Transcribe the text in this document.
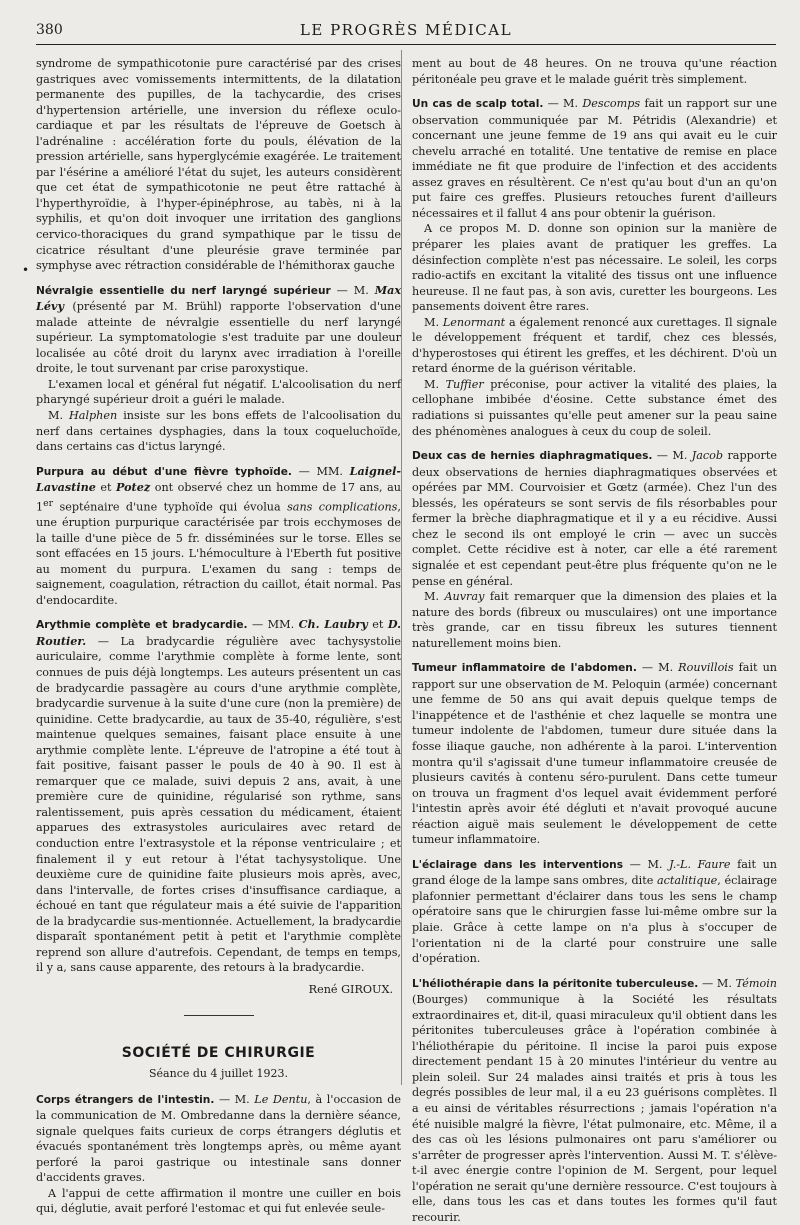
380	LE PROGRÈS MÉDICAL
•

syndrome de sympathicotonie pure caractérisé par des crises gastriques avec vomissements intermittents, de la dilatation permanente des pupilles, de la tachycardie, des crises d'hypertension artérielle, une inversion du réflexe oculo-cardiaque et par les résultats de l'épreuve de Goetsch à l'adrénaline : accélération forte du pouls, élévation de la pression artérielle, sans hyperglycémie exagérée. Le traitement par l'ésérine a amélioré l'état du sujet, les auteurs considèrent que cet état de sympathicotonie ne peut être rattaché à l'hyperthyroïdie, à l'hyper-épinéphrose, au tabès, ni à la syphilis, et qu'on doit invoquer une irritation des ganglions cervico-thoraciques du grand sympathique par le tissu de cicatrice résultant d'une pleurésie grave terminée par symphyse avec rétraction considérable de l'hémithorax gauche

Névralgie essentielle du nerf laryngé supérieur — M. Max Lévy (présenté par M. Brühl) rapporte l'observation d'une malade atteinte de névralgie essentielle du nerf laryngé supérieur. La symptomatologie s'est traduite par une douleur localisée au côté droit du larynx avec irradiation à l'oreille droite, le tout survenant par crise paroxystique.

L'examen local et général fut négatif. L'alcoolisation du nerf pharyngé supérieur droit a guéri le malade.

M. Halphen insiste sur les bons effets de l'alcoolisation du nerf dans certaines dysphagies, dans la toux coqueluchoïde, dans certains cas d'ictus laryngé.

Purpura au début d'une fièvre typhoïde. — MM. Laignel-Lavastine et Potez ont observé chez un homme de 17 ans, au 1er septénaire d'une typhoïde qui évolua sans complications, une éruption purpurique caractérisée par trois ecchymoses de la taille d'une pièce de 5 fr. disséminées sur le torse. Elles se sont effacées en 15 jours. L'hémoculture à l'Eberth fut positive au moment du purpura. L'examen du sang : temps de saignement, coagulation, rétraction du caillot, était normal. Pas d'endocardite.

Arythmie complète et bradycardie. — MM. Ch. Laubry et D. Routier. — La bradycardie régulière avec tachysystolie auriculaire, comme l'arythmie complète à forme lente, sont connues de puis déjà longtemps. Les auteurs présentent un cas de bradycardie passagère au cours d'une arythmie complète, bradycardie survenue à la suite d'une cure (non la première) de quinidine. Cette bradycardie, au taux de 35-40, régulière, s'est maintenue quelques semaines, faisant place ensuite à une arythmie complète lente. L'épreuve de l'atropine a été tout à fait positive, faisant passer le pouls de 40 à 90. Il est à remarquer que ce malade, suivi depuis 2 ans, avait, à une première cure de quinidine, régularisé son rythme, sans ralentissement, puis après cessation du médicament, étaient apparues des extrasystoles auriculaires avec retard de conduction entre l'extrasystole et la réponse ventriculaire ; et finalement il y eut retour à l'état tachysystolique. Une deuxième cure de quinidine faite plusieurs mois après, avec, dans l'intervalle, de fortes crises d'insuffisance cardiaque, a échoué en tant que régulateur mais a été suivie de l'apparition de la bradycardie sus-mentionnée. Actuellement, la bradycardie disparaît spontanément petit à petit et l'arythmie complète reprend son allure d'autrefois. Cependant, de temps en temps, il y a, sans cause apparente, des retours à la bradycardie.

René GIROUX.

SOCIÉTÉ DE CHIRURGIE
Séance du 4 juillet 1923.

Corps étrangers de l'intestin. — M. Le Dentu, à l'occasion de la communication de M. Ombredanne dans la dernière séance, signale quelques faits curieux de corps étrangers déglutis et évacués spontanément très longtemps après, ou même ayant perforé la paroi gastrique ou intestinale sans donner d'accidents graves.

A l'appui de cette affirmation il montre une cuiller en bois qui, déglutie, avait perforé l'estomac et qui fut enlevée seule-

ment au bout de 48 heures. On ne trouva qu'une réaction péritonéale peu grave et le malade guérit très simplement.

Un cas de scalp total. — M. Descomps fait un rapport sur une observation communiquée par M. Pétridis (Alexandrie) et concernant une jeune femme de 19 ans qui avait eu le cuir chevelu arraché en totalité. Une tentative de remise en place immédiate ne fit que produire de l'infection et des accidents assez graves en résultèrent. Ce n'est qu'au bout d'un an qu'on put faire ces greffes. Plusieurs retouches furent d'ailleurs nécessaires et il fallut 4 ans pour obtenir la guérison.

A ce propos M. D. donne son opinion sur la manière de préparer les plaies avant de pratiquer les greffes. La désinfection complète n'est pas nécessaire. Le soleil, les corps radio-actifs en excitant la vitalité des tissus ont une influence heureuse. Il ne faut pas, à son avis, curetter les bourgeons. Les pansements doivent être rares.

M. Lenormant a également renoncé aux curettages. Il signale le développement fréquent et tardif, chez ces blessés, d'hyperostoses qui étirent les greffes, et les déchirent. D'où un retard énorme de la guérison véritable.

M. Tuffier préconise, pour activer la vitalité des plaies, la cellophane imbibée d'éosine. Cette substance émet des radiations si puissantes qu'elle peut amener sur la peau saine des phénomènes analogues à ceux du coup de soleil.

Deux cas de hernies diaphragmatiques. — M. Jacob rapporte deux observations de hernies diaphragmatiques observées et opérées par MM. Courvoisier et Gœtz (armée). Chez l'un des blessés, les opérateurs se sont servis de fils résorbables pour fermer la brèche diaphragmatique et il y a eu récidive. Aussi chez le second ils ont employé le crin — avec un succès complet. Cette récidive est à noter, car elle a été rarement signalée et est cependant peut-être plus fréquente qu'on ne le pense en général.

M. Auvray fait remarquer que la dimension des plaies et la nature des bords (fibreux ou musculaires) ont une importance très grande, car en tissu fibreux les sutures tiennent naturellement moins bien.

Tumeur inflammatoire de l'abdomen. — M. Rouvillois fait un rapport sur une observation de M. Peloquin (armée) concernant une femme de 50 ans qui avait depuis quelque temps de l'inappétence et de l'asthénie et chez laquelle se montra une tumeur indolente de l'abdomen, tumeur dure située dans la fosse iliaque gauche, non adhérente à la paroi. L'intervention montra qu'il s'agissait d'une tumeur inflammatoire creusée de plusieurs cavités à contenu séro-purulent. Dans cette tumeur on trouva un fragment d'os lequel avait évidemment perforé l'intestin après avoir été dégluti et n'avait provoqué aucune réaction aiguë mais seulement le développement de cette tumeur inflammatoire.

L'éclairage dans les interventions — M. J.-L. Faure fait un grand éloge de la lampe sans ombres, dite actalitique, éclairage plafonnier permettant d'éclairer dans tous les sens le champ opératoire sans que le chirurgien fasse lui-même ombre sur la plaie. Grâce à cette lampe on n'a plus à s'occuper de l'orientation ni de la clarté pour construire une salle d'opération.

L'héliothérapie dans la péritonite tuberculeuse. — M. Témoin (Bourges) communique à la Société les résultats extraordinaires et, dit-il, quasi miraculeux qu'il obtient dans les péritonites tuberculeuses grâce à l'opération combinée à l'héliothérapie du péritoine. Il incise la paroi puis expose directement pendant 15 à 20 minutes l'intérieur du ventre au plein soleil. Sur 24 malades ainsi traités et pris à tous les degrés possibles de leur mal, il a eu 23 guérisons complètes. Il a eu ainsi de véritables résurrections ; jamais l'opération n'a été nuisible malgré la fièvre, l'état pulmonaire, etc. Même, il a des cas où les lésions pulmonaires ont paru s'améliorer ou s'arrêter de progresser après l'intervention. Aussi M. T. s'élève-t-il avec énergie contre l'opinion de M. Sergent, pour lequel l'opération ne serait qu'une dernière ressource. C'est toujours à elle, dans tous les cas et dans toutes les formes qu'il faut recourir.
